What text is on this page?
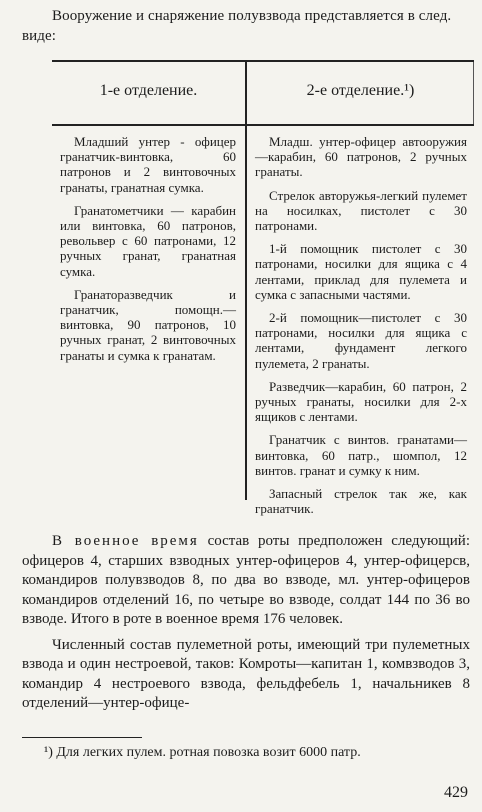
Вооружение и снаряжение полувзвода представляется в след. виде:
1-е отделение.	2-е отделение.¹)

Младший унтер - офицер гранатчик-винтовка, 60 патронов и 2 винтовочных гранаты, гранатная сумка.

Гранатометчики — карабин или винтовка, 60 патронов, револьвер с 60 патронами, 12 ручных гранат, гранатная сумка.

Гранаторазведчик и гранатчик, помощн.—винтовка, 90 патронов, 10 ручных гранат, 2 винтовочных гранаты и сумка к гранатам.

Младш. унтер-офицер автооружия—карабин, 60 патронов, 2 ручных гранаты.

Стрелок авторужья-легкий пулемет на носилках, пистолет с 30 патронами.

1-й помощник пистолет с 30 патронами, носилки для ящика с 4 лентами, приклад для пулемета и сумка с запасными частями.

2-й помощник—пистолет с 30 патронами, носилки для ящика с лентами, фундамент легкого пулемета, 2 гранаты.

Разведчик—карабин, 60 патрон, 2 ручных гранаты, носилки для 2-х ящиков с лентами.

Гранатчик с винтов. гранатами—винтовка, 60 патр., шомпол, 12 винтов. гранат и сумку к ним.

Запасный стрелок так же, как гранатчик.

В военное время состав роты предположен следующий: офицеров 4, старших взводных унтер-офицеров 4, унтер-офицерсв, командиров полувзводов 8, по два во взводе, мл. унтер-офицеров командиров отделений 16, по четыре во взводе, солдат 144 по 36 во взводе. Итого в роте в военное время 176 человек.

Численный состав пулеметной роты, имеющий три пулеметных взвода и один нестроевой, таков: Комроты—капитан 1, комвзводов 3, командир 4 нестроевого взвода, фельдфебель 1, начальникев 8 отделений—унтер-офице-

¹) Для легких пулем. ротная повозка возит 6000 патр.
429
